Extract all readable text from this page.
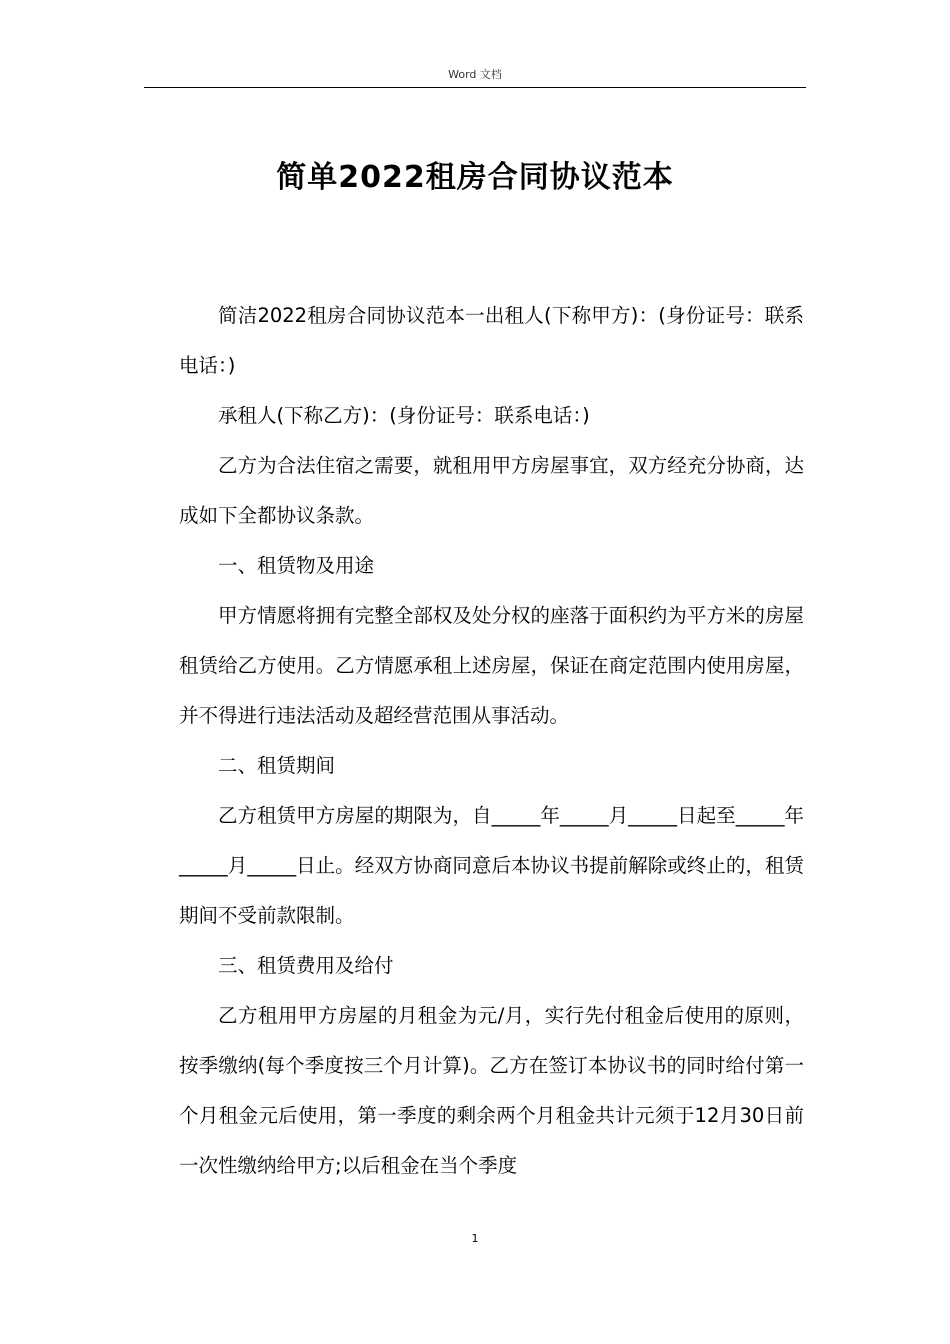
Word 文档
简单2022租房合同协议范本

简洁2022租房合同协议范本一出租人(下称甲方)：(身份证号：联系电话：)

承租人(下称乙方)：(身份证号：联系电话：)

乙方为合法住宿之需要，就租用甲方房屋事宜，双方经充分协商，达成如下全都协议条款。

一、租赁物及用途

甲方情愿将拥有完整全部权及处分权的座落于面积约为平方米的房屋租赁给乙方使用。乙方情愿承租上述房屋，保证在商定范围内使用房屋，并不得进行违法活动及超经营范围从事活动。

二、租赁期间

乙方租赁甲方房屋的期限为，自_____年_____月_____日起至_____年_____月_____日止。经双方协商同意后本协议书提前解除或终止的，租赁期间不受前款限制。

三、租赁费用及给付

乙方租用甲方房屋的月租金为元/月，实行先付租金后使用的原则，按季缴纳(每个季度按三个月计算)。乙方在签订本协议书的同时给付第一个月租金元后使用，第一季度的剩余两个月租金共计元须于12月30日前一次性缴纳给甲方;以后租金在当个季度

1
